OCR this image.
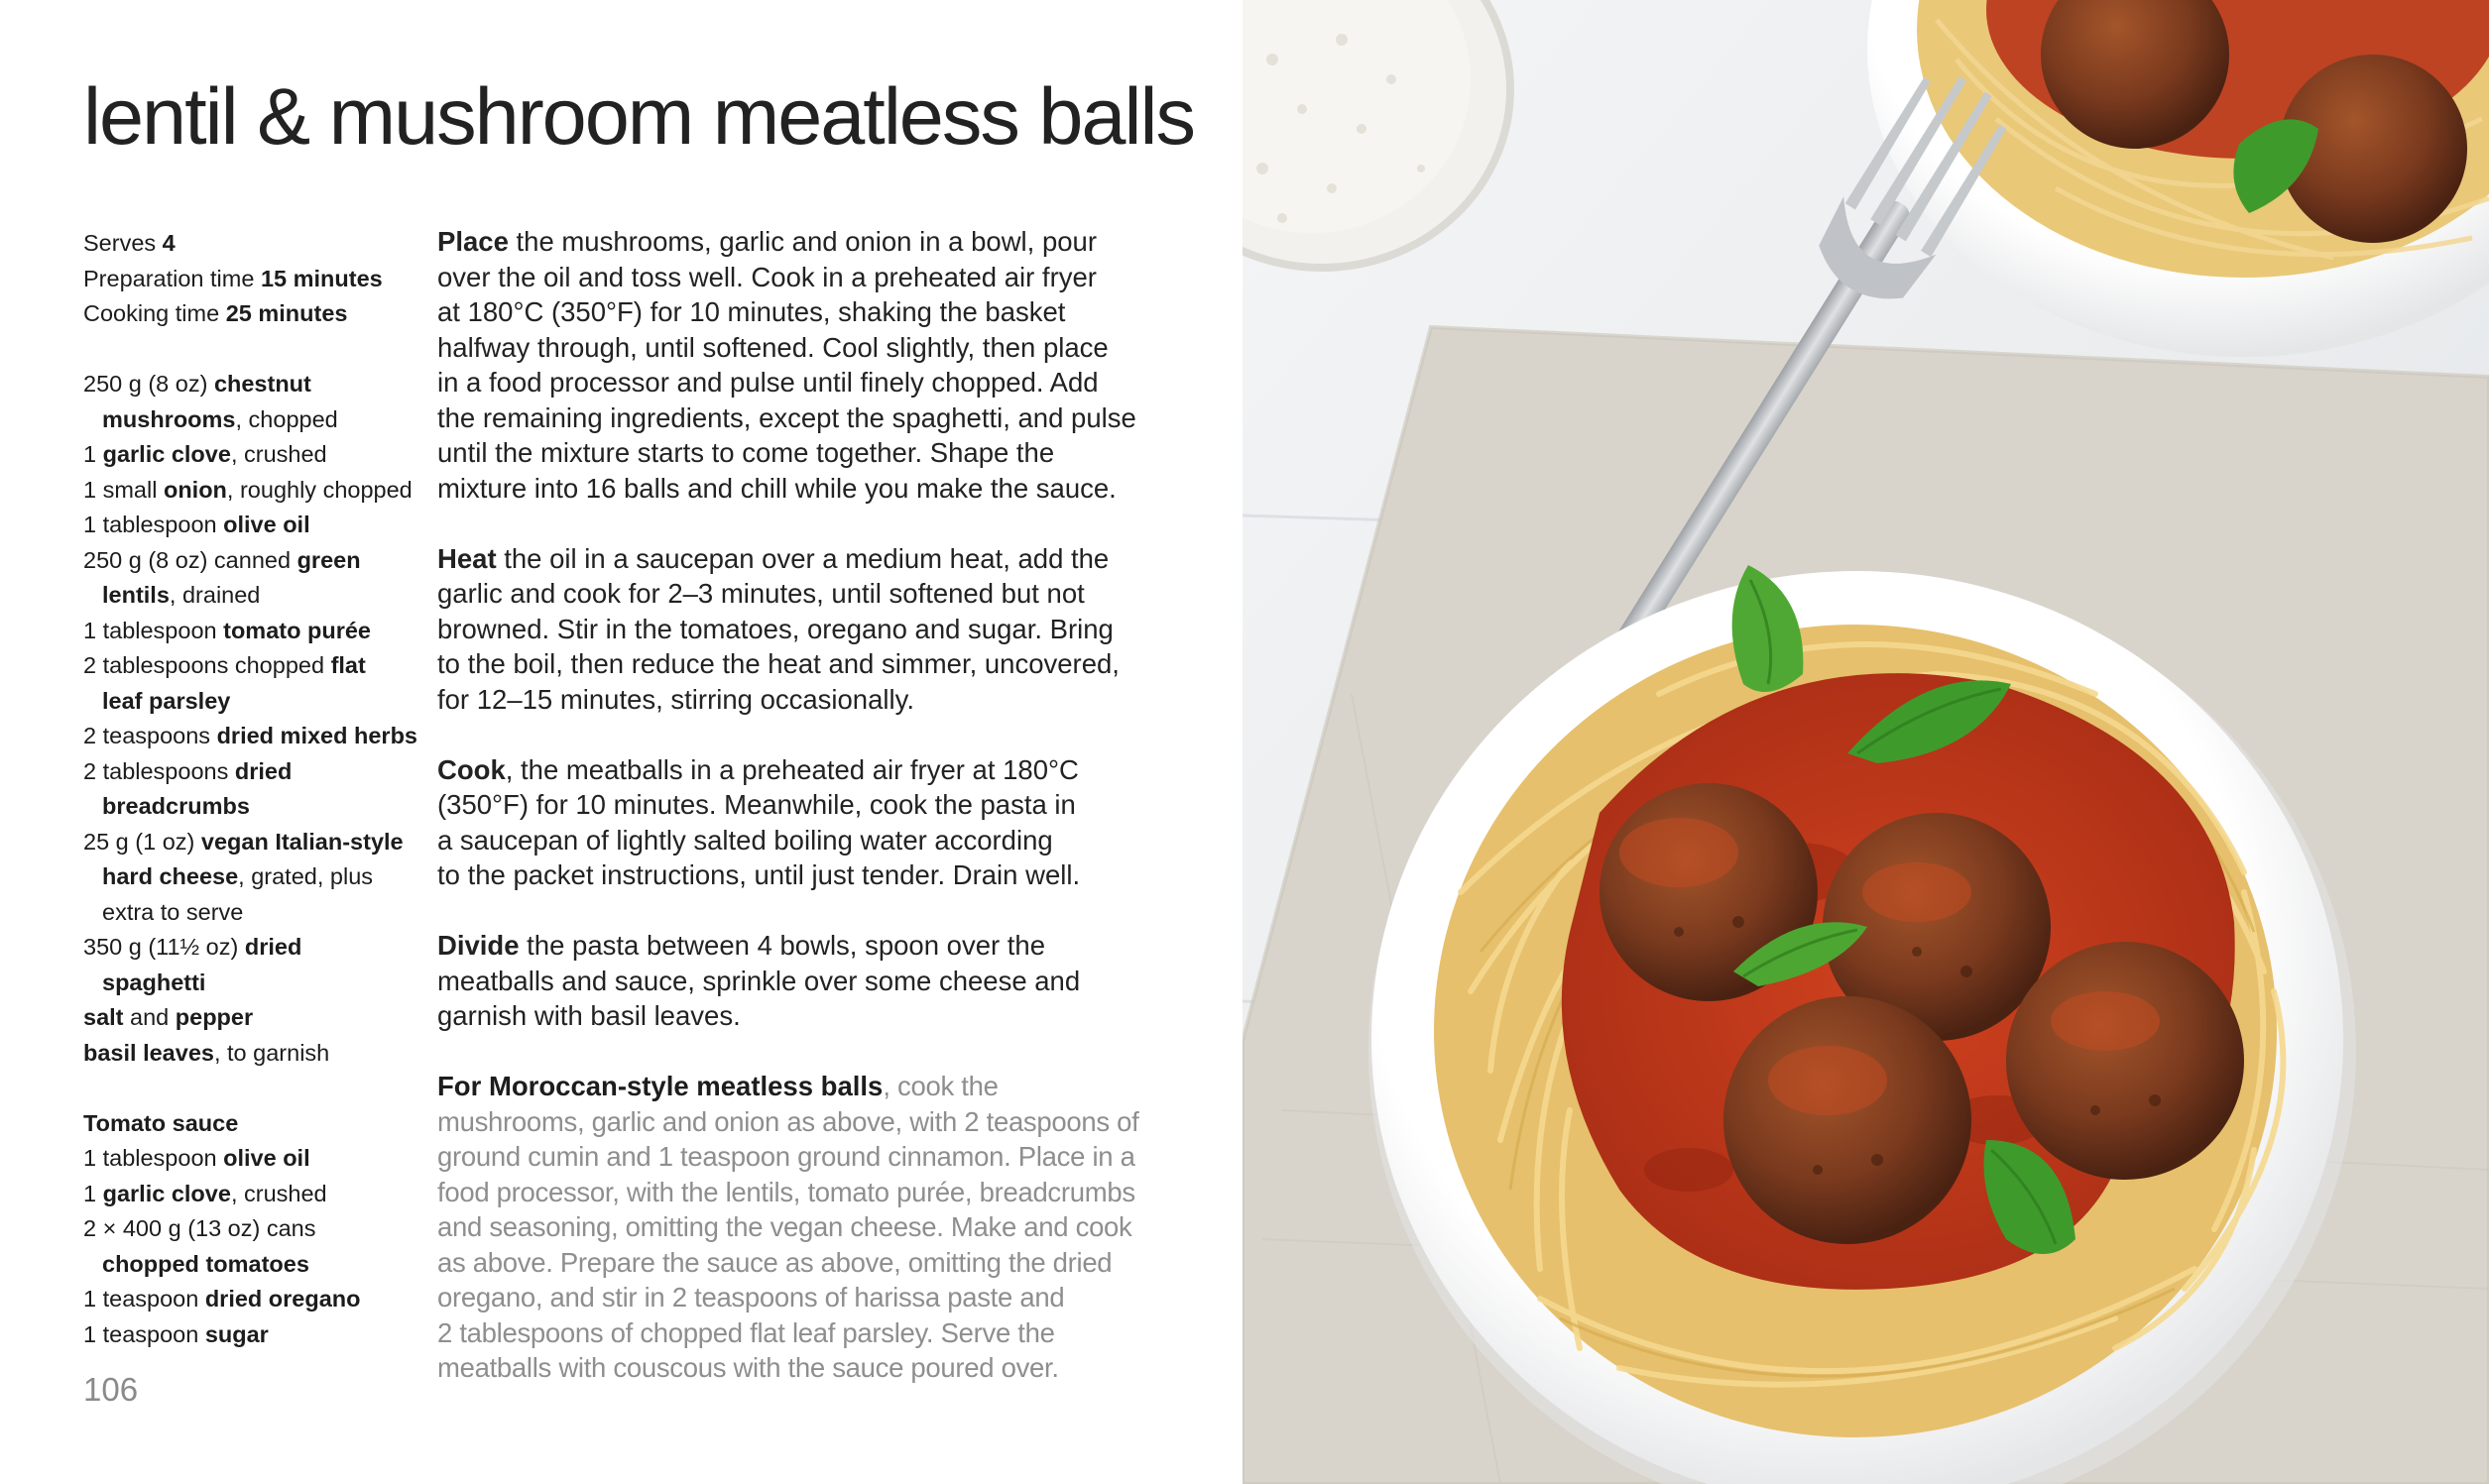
lentil & mushroom meatless balls
Serves 4
Preparation time 15 minutes
Cooking time 25 minutes
250 g (8 oz) chestnut
mushrooms, chopped
1 garlic clove, crushed
1 small onion, roughly chopped
1 tablespoon olive oil
250 g (8 oz) canned green
lentils, drained
1 tablespoon tomato purée
2 tablespoons chopped flat
leaf parsley
2 teaspoons dried mixed herbs
2 tablespoons dried
breadcrumbs
25 g (1 oz) vegan Italian-style
hard cheese, grated, plus
extra to serve
350 g (11½ oz) dried
spaghetti
salt and pepper
basil leaves, to garnish
Tomato sauce
1 tablespoon olive oil
1 garlic clove, crushed
2 × 400 g (13 oz) cans
chopped tomatoes
1 teaspoon dried oregano
1 teaspoon sugar
Place the mushrooms, garlic and onion in a bowl, pour
over the oil and toss well. Cook in a preheated air fryer
at 180°C (350°F) for 10 minutes, shaking the basket
halfway through, until softened. Cool slightly, then place
in a food processor and pulse until finely chopped. Add
the remaining ingredients, except the spaghetti, and pulse
until the mixture starts to come together. Shape the
mixture into 16 balls and chill while you make the sauce.
Heat the oil in a saucepan over a medium heat, add the
garlic and cook for 2–3 minutes, until softened but not
browned. Stir in the tomatoes, oregano and sugar. Bring
to the boil, then reduce the heat and simmer, uncovered,
for 12–15 minutes, stirring occasionally.
Cook, the meatballs in a preheated air fryer at 180°C
(350°F) for 10 minutes. Meanwhile, cook the pasta in
a saucepan of lightly salted boiling water according
to the packet instructions, until just tender. Drain well.
Divide the pasta between 4 bowls, spoon over the
meatballs and sauce, sprinkle over some cheese and
garnish with basil leaves.
For Moroccan-style meatless balls, cook the
mushrooms, garlic and onion as above, with 2 teaspoons of
ground cumin and 1 teaspoon ground cinnamon. Place in a
food processor, with the lentils, tomato purée, breadcrumbs
and seasoning, omitting the vegan cheese. Make and cook
as above. Prepare the sauce as above, omitting the dried
oregano, and stir in 2 teaspoons of harissa paste and
2 tablespoons of chopped flat leaf parsley. Serve the
meatballs with couscous with the sauce poured over.
106
